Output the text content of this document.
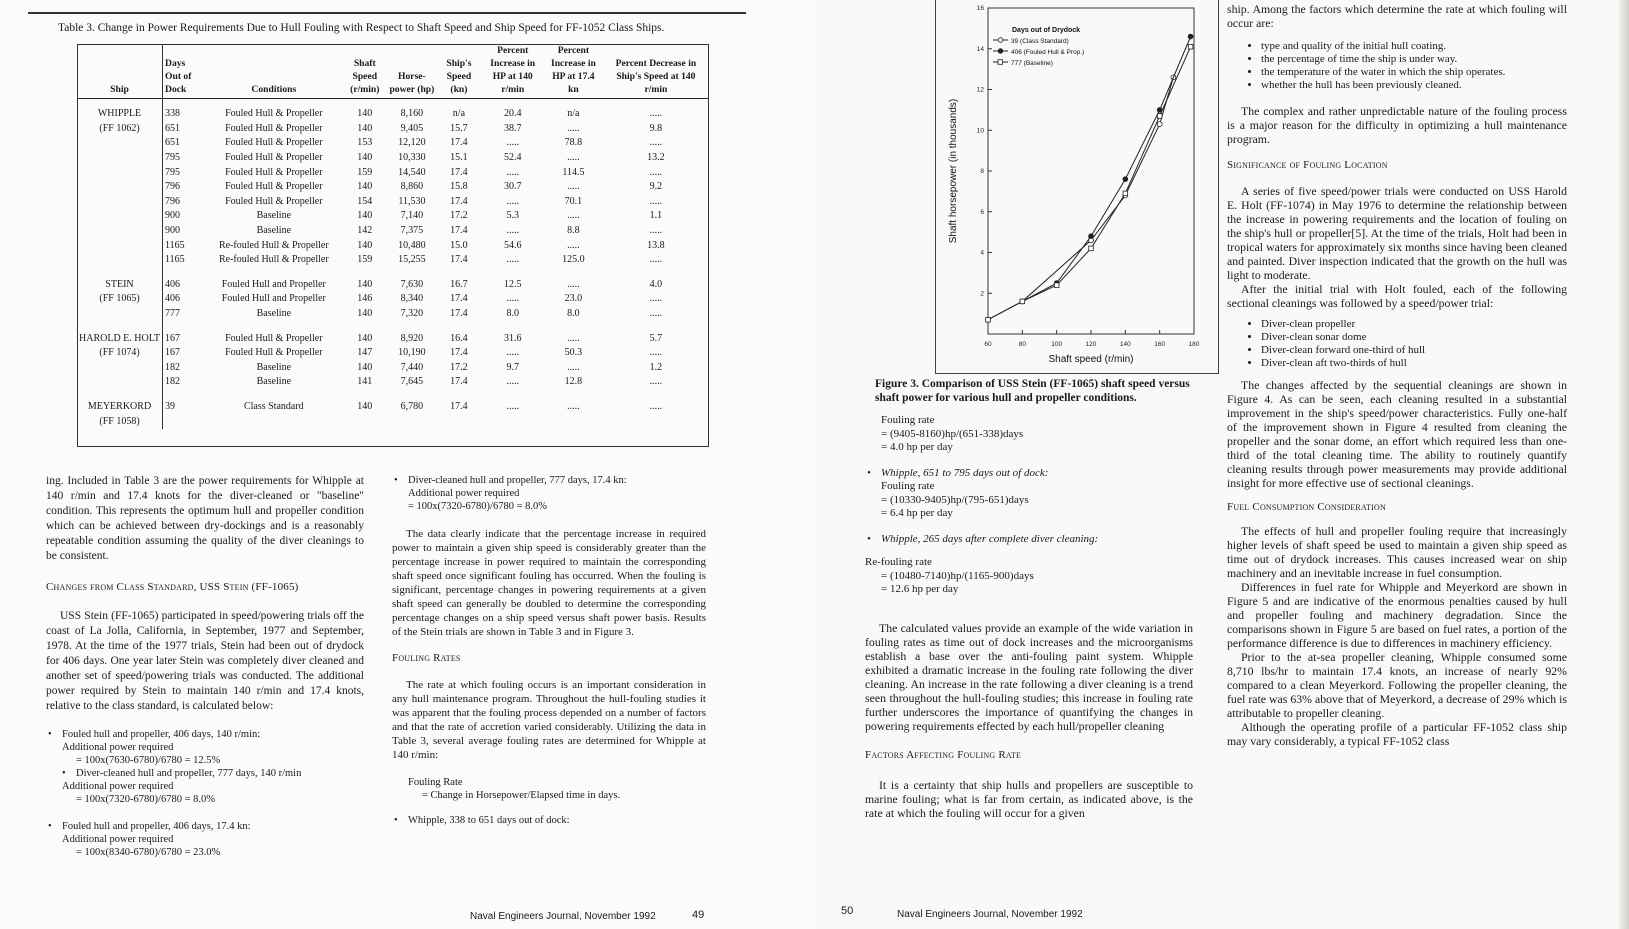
Table 3. Change in Power Requirements Due to Hull Fouling with Respect to Shaft Speed and Ship Speed for FF-1052 Class Ships.
Ship	Days Out of Dock	Conditions	Shaft Speed (r/min)	Horse-power (hp)	Ship's Speed (kn)	Percent Increase in HP at 140 r/min	Percent Increase in HP at 17.4 kn	Percent Decrease in Ship's Speed at 140 r/min
WHIPPLE	338	Fouled Hull & Propeller	140	8,160	n/a	20.4	n/a	.....
(FF 1062)	651	Fouled Hull & Propeller	140	9,405	15.7	38.7	.....	9.8
	651	Fouled Hull & Propeller	153	12,120	17.4	.....	78.8	.....
	795	Fouled Hull & Propeller	140	10,330	15.1	52.4	.....	13.2
	795	Fouled Hull & Propeller	159	14,540	17.4	.....	114.5	.....
	796	Fouled Hull & Propeller	140	8,860	15.8	30.7	.....	9.2
	796	Fouled Hull & Propeller	154	11,530	17.4	.....	70.1	.....
	900	Baseline	140	7,140	17.2	5.3	.....	1.1
	900	Baseline	142	7,375	17.4	.....	8.8	.....
	1165	Re-fouled Hull & Propeller	140	10,480	15.0	54.6	.....	13.8
	1165	Re-fouled Hull & Propeller	159	15,255	17.4	.....	125.0	.....

STEIN	406	Fouled Hull and Propeller	140	7,630	16.7	12.5	.....	4.0
(FF 1065)	406	Fouled Hull and Propeller	146	8,340	17.4	.....	23.0	.....
	777	Baseline	140	7,320	17.4	8.0	8.0	.....

HAROLD E. HOLT	167	Fouled Hull & Propeller	140	8,920	16.4	31.6	.....	5.7
(FF 1074)	167	Fouled Hull & Propeller	147	10,190	17.4	.....	50.3	.....
	182	Baseline	140	7,440	17.2	9.7	.....	1.2
	182	Baseline	141	7,645	17.4	.....	12.8	.....

MEYERKORD	39	Class Standard	140	6,780	17.4	.....	.....	.....
(FF 1058)								

ing. Included in Table 3 are the power requirements for Whipple at 140 r/min and 17.4 knots for the diver-cleaned or "baseline" condition. This represents the optimum hull and propeller condition which can be achieved between dry-dockings and is a reasonably repeatable condition assuming the quality of the diver cleanings to be consistent.

Changes from Class Standard, USS Stein (FF-1065)

USS Stein (FF-1065) participated in speed/powering trials off the coast of La Jolla, California, in September, 1977 and September, 1978. At the time of the 1977 trials, Stein had been out of drydock for 406 days. One year later Stein was completely diver cleaned and another set of speed/powering trials was conducted. The additional power required by Stein to maintain 140 r/min and 17.4 knots, relative to the class standard, is calculated below:

• Fouled hull and propeller, 406 days, 140 r/min:
Additional power required
= 100x(7630-6780)/6780 = 12.5%
• Diver-cleaned hull and propeller, 777 days, 140 r/min
Additional power required
= 100x(7320-6780)/6780 = 8.0%
• Fouled hull and propeller, 406 days, 17.4 kn:
Additional power required
= 100x(8340-6780)/6780 = 23.0%
• Diver-cleaned hull and propeller, 777 days, 17.4 kn:
Additional power required
= 100x(7320-6780)/6780 = 8.0%

The data clearly indicate that the percentage increase in required power to maintain a given ship speed is considerably greater than the percentage increase in power required to maintain the corresponding shaft speed once significant fouling has occurred. When the fouling is significant, percentage changes in powering requirements at a given shaft speed can generally be doubled to determine the corresponding percentage changes on a ship speed versus shaft power basis. Results of the Stein trials are shown in Table 3 and in Figure 3.

Fouling Rates

The rate at which fouling occurs is an important consideration in any hull maintenance program. Throughout the hull-fouling studies it was apparent that the fouling process depended on a number of factors and that the rate of accretion varied considerably. Utilizing the data in Table 3, several average fouling rates are determined for Whipple at 140 r/min:

Fouling Rate
= Change in Horsepower/Elapsed time in days.
• Whipple, 338 to 651 days out of dock:
Naval Engineers Journal, November 1992	49
60	80	100	120	140	160	180
2
4
6
8
10
12
14
16
Shaft speed (r/min)
Shaft horsepower (in thousands)
Days out of Drydock
39 (Class Standard)
406 (Fouled Hull & Prop.)
777 (Baseline)
Figure 3. Comparison of USS Stein (FF-1065) shaft speed versus shaft power for various hull and propeller conditions.
Fouling rate
= (9405-8160)hp/(651-338)days
= 4.0 hp per day
• Whipple, 651 to 795 days out of dock:
Fouling rate
= (10330-9405)hp/(795-651)days
= 6.4 hp per day
• Whipple, 265 days after complete diver cleaning:
Re-fouling rate
= (10480-7140)hp/(1165-900)days
= 12.6 hp per day

The calculated values provide an example of the wide variation in fouling rates as time out of dock increases and the microorganisms establish a base over the anti-fouling paint system. Whipple exhibited a dramatic increase in the fouling rate following the diver cleaning. An increase in the rate following a diver cleaning is a trend seen throughout the hull-fouling studies; this increase in fouling rate further underscores the importance of quantifying the changes in powering requirements effected by each hull/propeller cleaning

Factors Affecting Fouling Rate

It is a certainty that ship hulls and propellers are susceptible to marine fouling; what is far from certain, as indicated above, is the rate at which the fouling will occur for a given

ship. Among the factors which determine the rate at which fouling will occur are:

• type and quality of the initial hull coating.
• the percentage of time the ship is under way.
• the temperature of the water in which the ship operates.
• whether the hull has been previously cleaned.

The complex and rather unpredictable nature of the fouling process is a major reason for the difficulty in optimizing a hull maintenance program.

Significance of Fouling Location

A series of five speed/power trials were conducted on USS Harold E. Holt (FF-1074) in May 1976 to determine the relationship between the increase in powering requirements and the location of fouling on the ship's hull or propeller[5]. At the time of the trials, Holt had been in tropical waters for approximately six months since having been cleaned and painted. Diver inspection indicated that the growth on the hull was light to moderate.

After the initial trial with Holt fouled, each of the following sectional cleanings was followed by a speed/power trial:

• Diver-clean propeller
• Diver-clean sonar dome
• Diver-clean forward one-third of hull
• Diver-clean aft two-thirds of hull

The changes affected by the sequential cleanings are shown in Figure 4. As can be seen, each cleaning resulted in a substantial improvement in the ship's speed/power characteristics. Fully one-half of the improvement shown in Figure 4 resulted from cleaning the propeller and the sonar dome, an effort which required less than one-third of the total cleaning time. The ability to routinely quantify cleaning results through power measurements may provide additional insight for more effective use of sectional cleanings.

Fuel Consumption Consideration

The effects of hull and propeller fouling require that increasingly higher levels of shaft speed be used to maintain a given ship speed as time out of drydock increases. This causes increased wear on ship machinery and an inevitable increase in fuel consumption.

Differences in fuel rate for Whipple and Meyerkord are shown in Figure 5 and are indicative of the enormous penalties caused by hull and propeller fouling and machinery degradation. Since the comparisons shown in Figure 5 are based on fuel rates, a portion of the performance difference is due to differences in machinery efficiency.

Prior to the at-sea propeller cleaning, Whipple consumed some 8,710 lbs/hr to maintain 17.4 knots, an increase of nearly 92% compared to a clean Meyerkord. Following the propeller cleaning, the fuel rate was 63% above that of Meyerkord, a decrease of 29% which is attributable to propeller cleaning.

Although the operating profile of a particular FF-1052 class ship may vary considerably, a typical FF-1052 class

50	Naval Engineers Journal, November 1992
